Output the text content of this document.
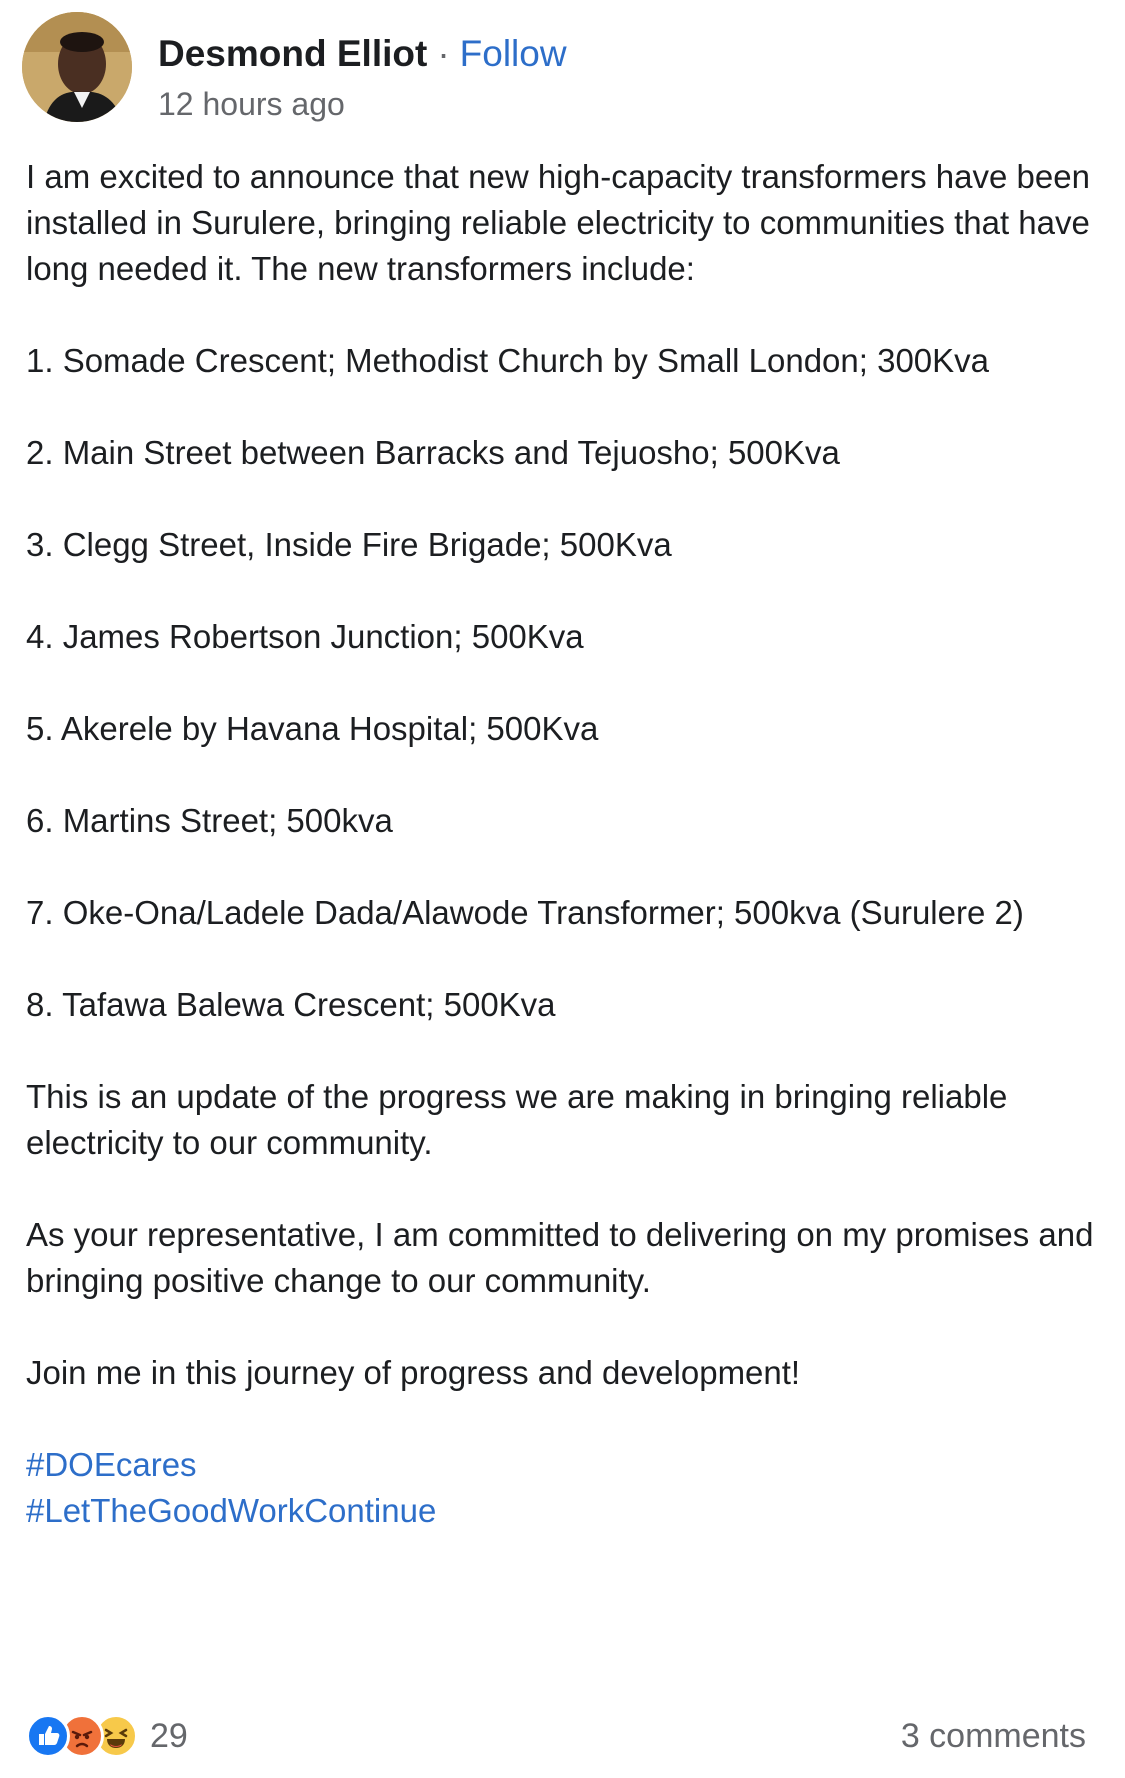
Desmond Elliot · Follow
12 hours ago

I am excited to announce that new high-capacity transformers have been installed in Surulere, bringing reliable electricity to communities that have long needed it. The new transformers include:

1. Somade Crescent; Methodist Church by Small London; 300Kva

2. Main Street between Barracks and Tejuosho; 500Kva

3. Clegg Street, Inside Fire Brigade; 500Kva

4. James Robertson Junction; 500Kva

5. Akerele by Havana Hospital; 500Kva

6. Martins Street; 500kva

7. Oke-Ona/Ladele Dada/Alawode Transformer; 500kva (Surulere 2)

8. Tafawa Balewa Crescent; 500Kva

This is an update of the progress we are making in bringing reliable electricity to our community.

As your representative, I am committed to delivering on my promises and bringing positive change to our community.

Join me in this journey of progress and development!

#DOEcares
#LetTheGoodWorkContinue
29	3 comments
